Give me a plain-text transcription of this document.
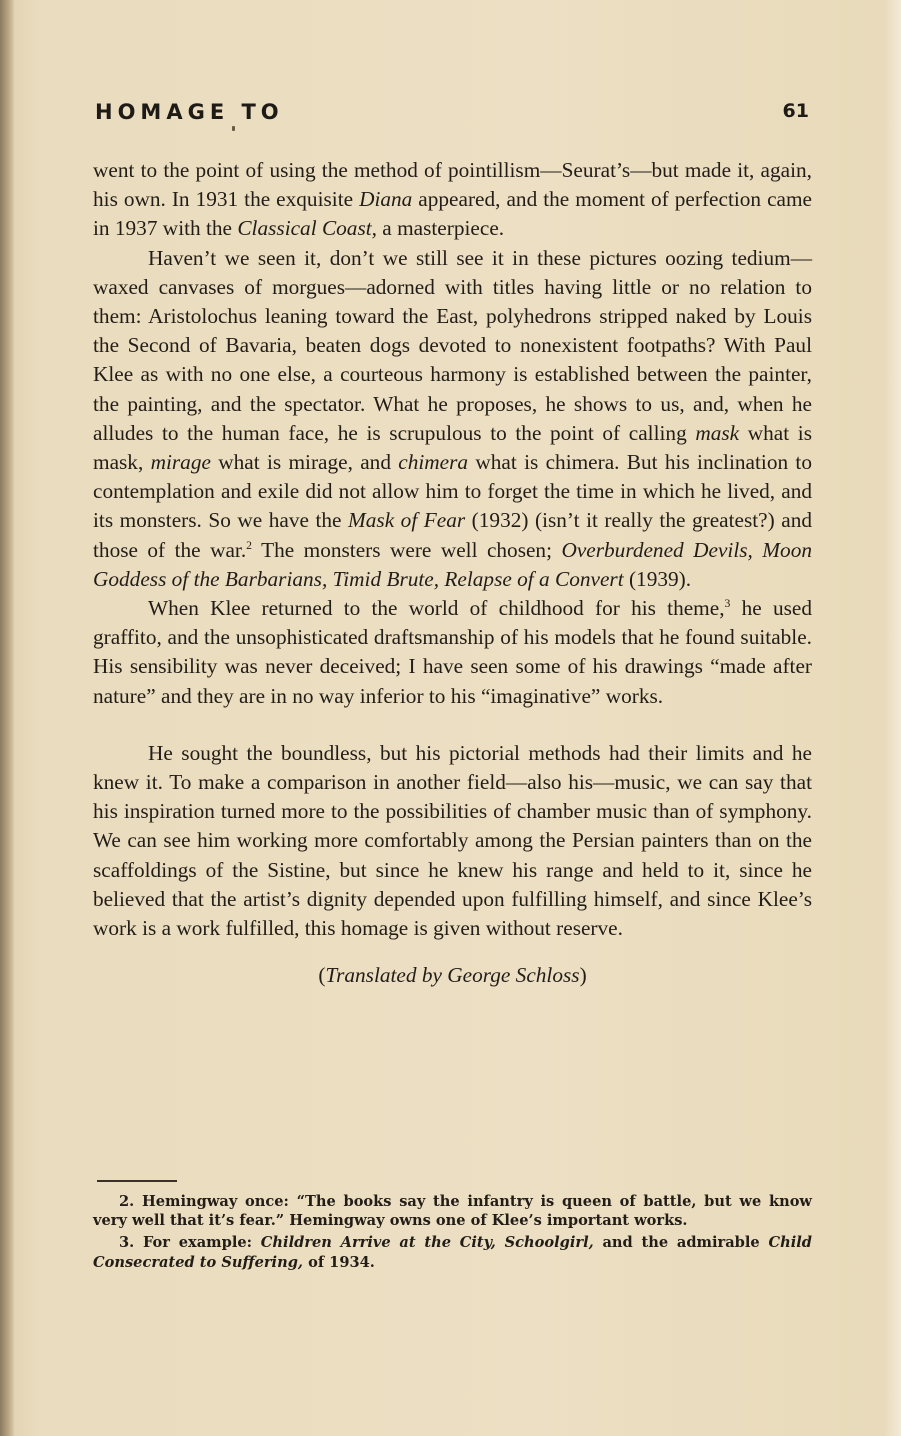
HOMAGE TO	61

went to the point of using the method of pointillism—Seurat’s—but made it, again, his own. In 1931 the exquisite Diana appeared, and the moment of perfection came in 1937 with the Classical Coast, a masterpiece.

Haven’t we seen it, don’t we still see it in these pictures oozing tedium—waxed canvases of morgues—adorned with titles having little or no relation to them: Aristolochus leaning toward the East, polyhedrons stripped naked by Louis the Second of Bavaria, beaten dogs devoted to nonexistent footpaths? With Paul Klee as with no one else, a courteous harmony is established between the painter, the painting, and the spectator. What he proposes, he shows to us, and, when he alludes to the human face, he is scrupulous to the point of calling mask what is mask, mirage what is mirage, and chimera what is chimera. But his inclination to contemplation and exile did not allow him to forget the time in which he lived, and its monsters. So we have the Mask of Fear (1932) (isn’t it really the greatest?) and those of the war.$^2$ The monsters were well chosen; Overburdened Devils, Moon Goddess of the Barbarians, Timid Brute, Relapse of a Convert (1939).

When Klee returned to the world of childhood for his theme,$^3$ he used graffito, and the unsophisticated draftsmanship of his models that he found suitable. His sensibility was never deceived; I have seen some of his drawings “made after nature” and they are in no way inferior to his “imaginative” works.

He sought the boundless, but his pictorial methods had their limits and he knew it. To make a comparison in another field—also his—music, we can say that his inspiration turned more to the possibilities of chamber music than of symphony. We can see him working more comfortably among the Persian painters than on the scaffoldings of the Sistine, but since he knew his range and held to it, since he believed that the artist’s dignity depended upon fulfilling himself, and since Klee’s work is a work fulfilled, this homage is given without reserve.

(Translated by George Schloss)

2. Hemingway once: “The books say the infantry is queen of battle, but we know very well that it’s fear.” Hemingway owns one of Klee’s important works.

3. For example: Children Arrive at the City, Schoolgirl, and the admirable Child Consecrated to Suffering, of 1934.
